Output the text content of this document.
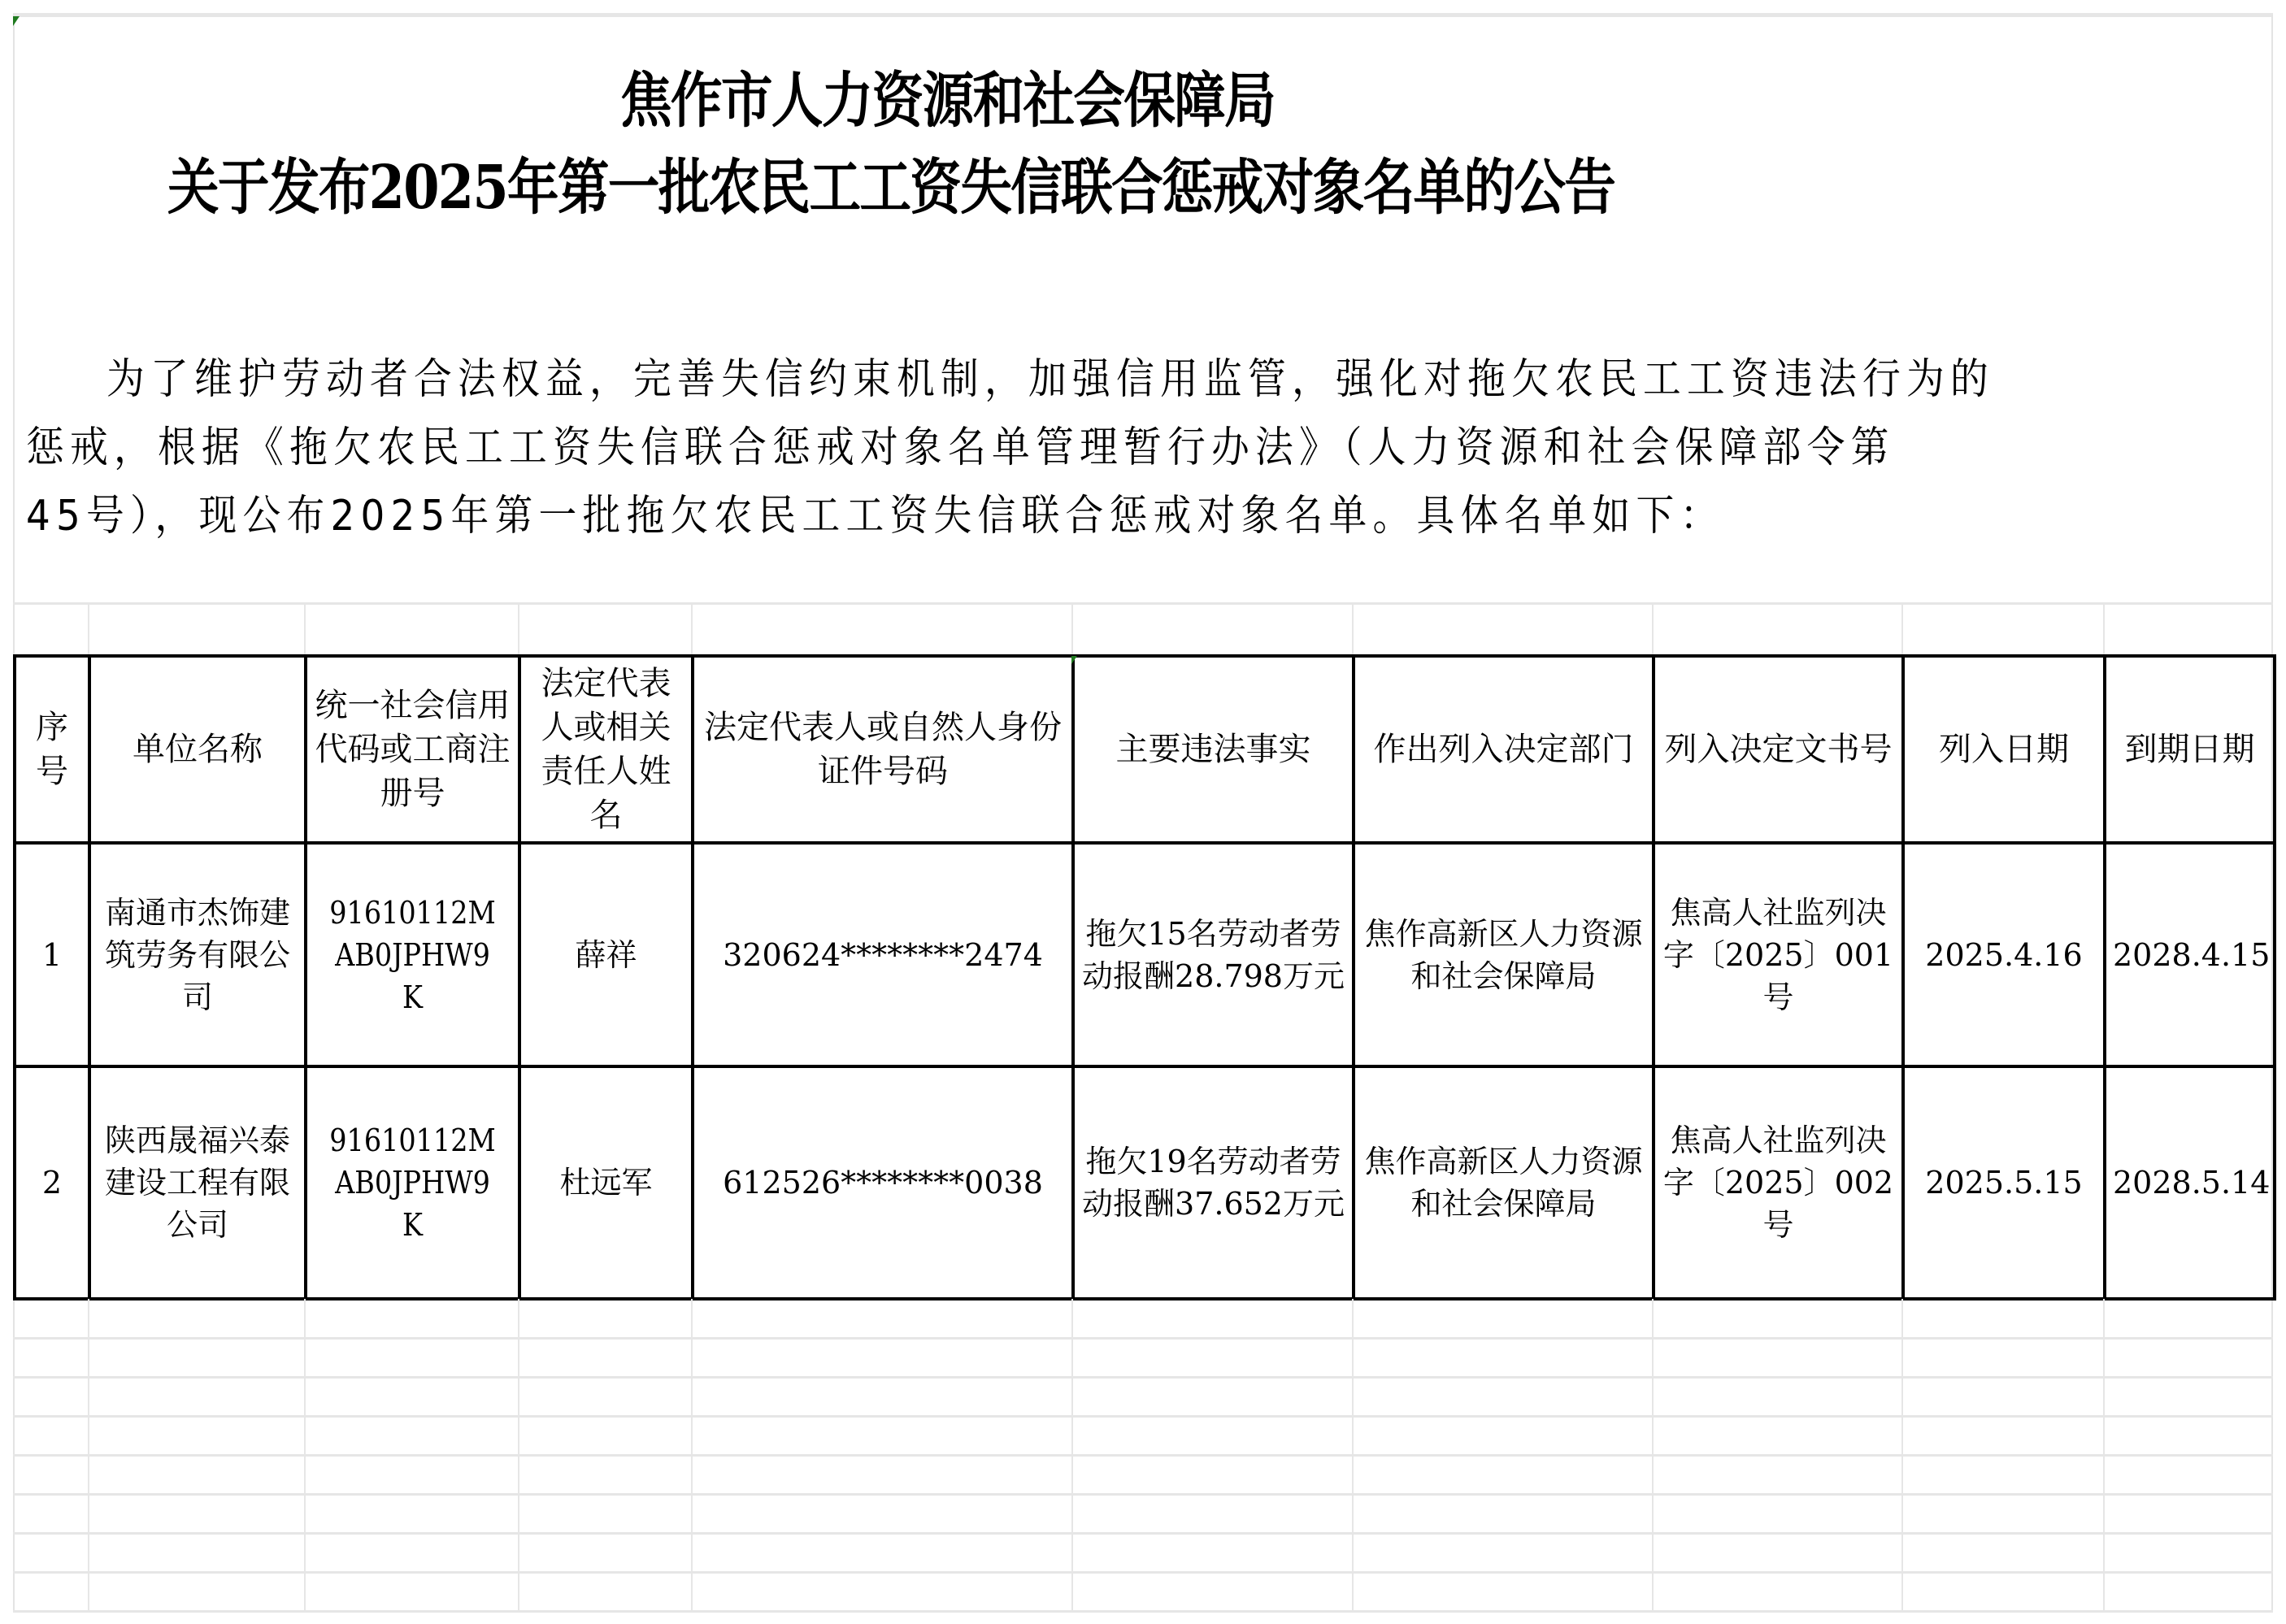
焦作市人力资源和社会保障局
关于发布2025年第一批农民工工资失信联合惩戒对象名单的公告
为了维护劳动者合法权益，完善失信约束机制，加强信用监管，强化对拖欠农民工工资违法行为的
惩戒，根据《拖欠农民工工资失信联合惩戒对象名单管理暂行办法》（人力资源和社会保障部令第
45号），现公布2025年第一批拖欠农民工工资失信联合惩戒对象名单。具体名单如下：
序号	单位名称	统一社会信用代码或工商注册号	法定代表人或相关责任人姓名	法定代表人或自然人身份证件号码	主要违法事实	作出列入决定部门	列入决定文书号	列入日期	到期日期
1	南通市杰饰建筑劳务有限公司	91610112MAB0JPHW9K	薛祥	320624********2474	拖欠15名劳动者劳动报酬28.798万元	焦作高新区人力资源和社会保障局	焦高人社监列决字〔2025〕001号	2025.4.16	2028.4.15
2	陕西晟福兴泰建设工程有限公司	91610112MAB0JPHW9K	杜远军	612526********0038	拖欠19名劳动者劳动报酬37.652万元	焦作高新区人力资源和社会保障局	焦高人社监列决字〔2025〕002号	2025.5.15	2028.5.14
